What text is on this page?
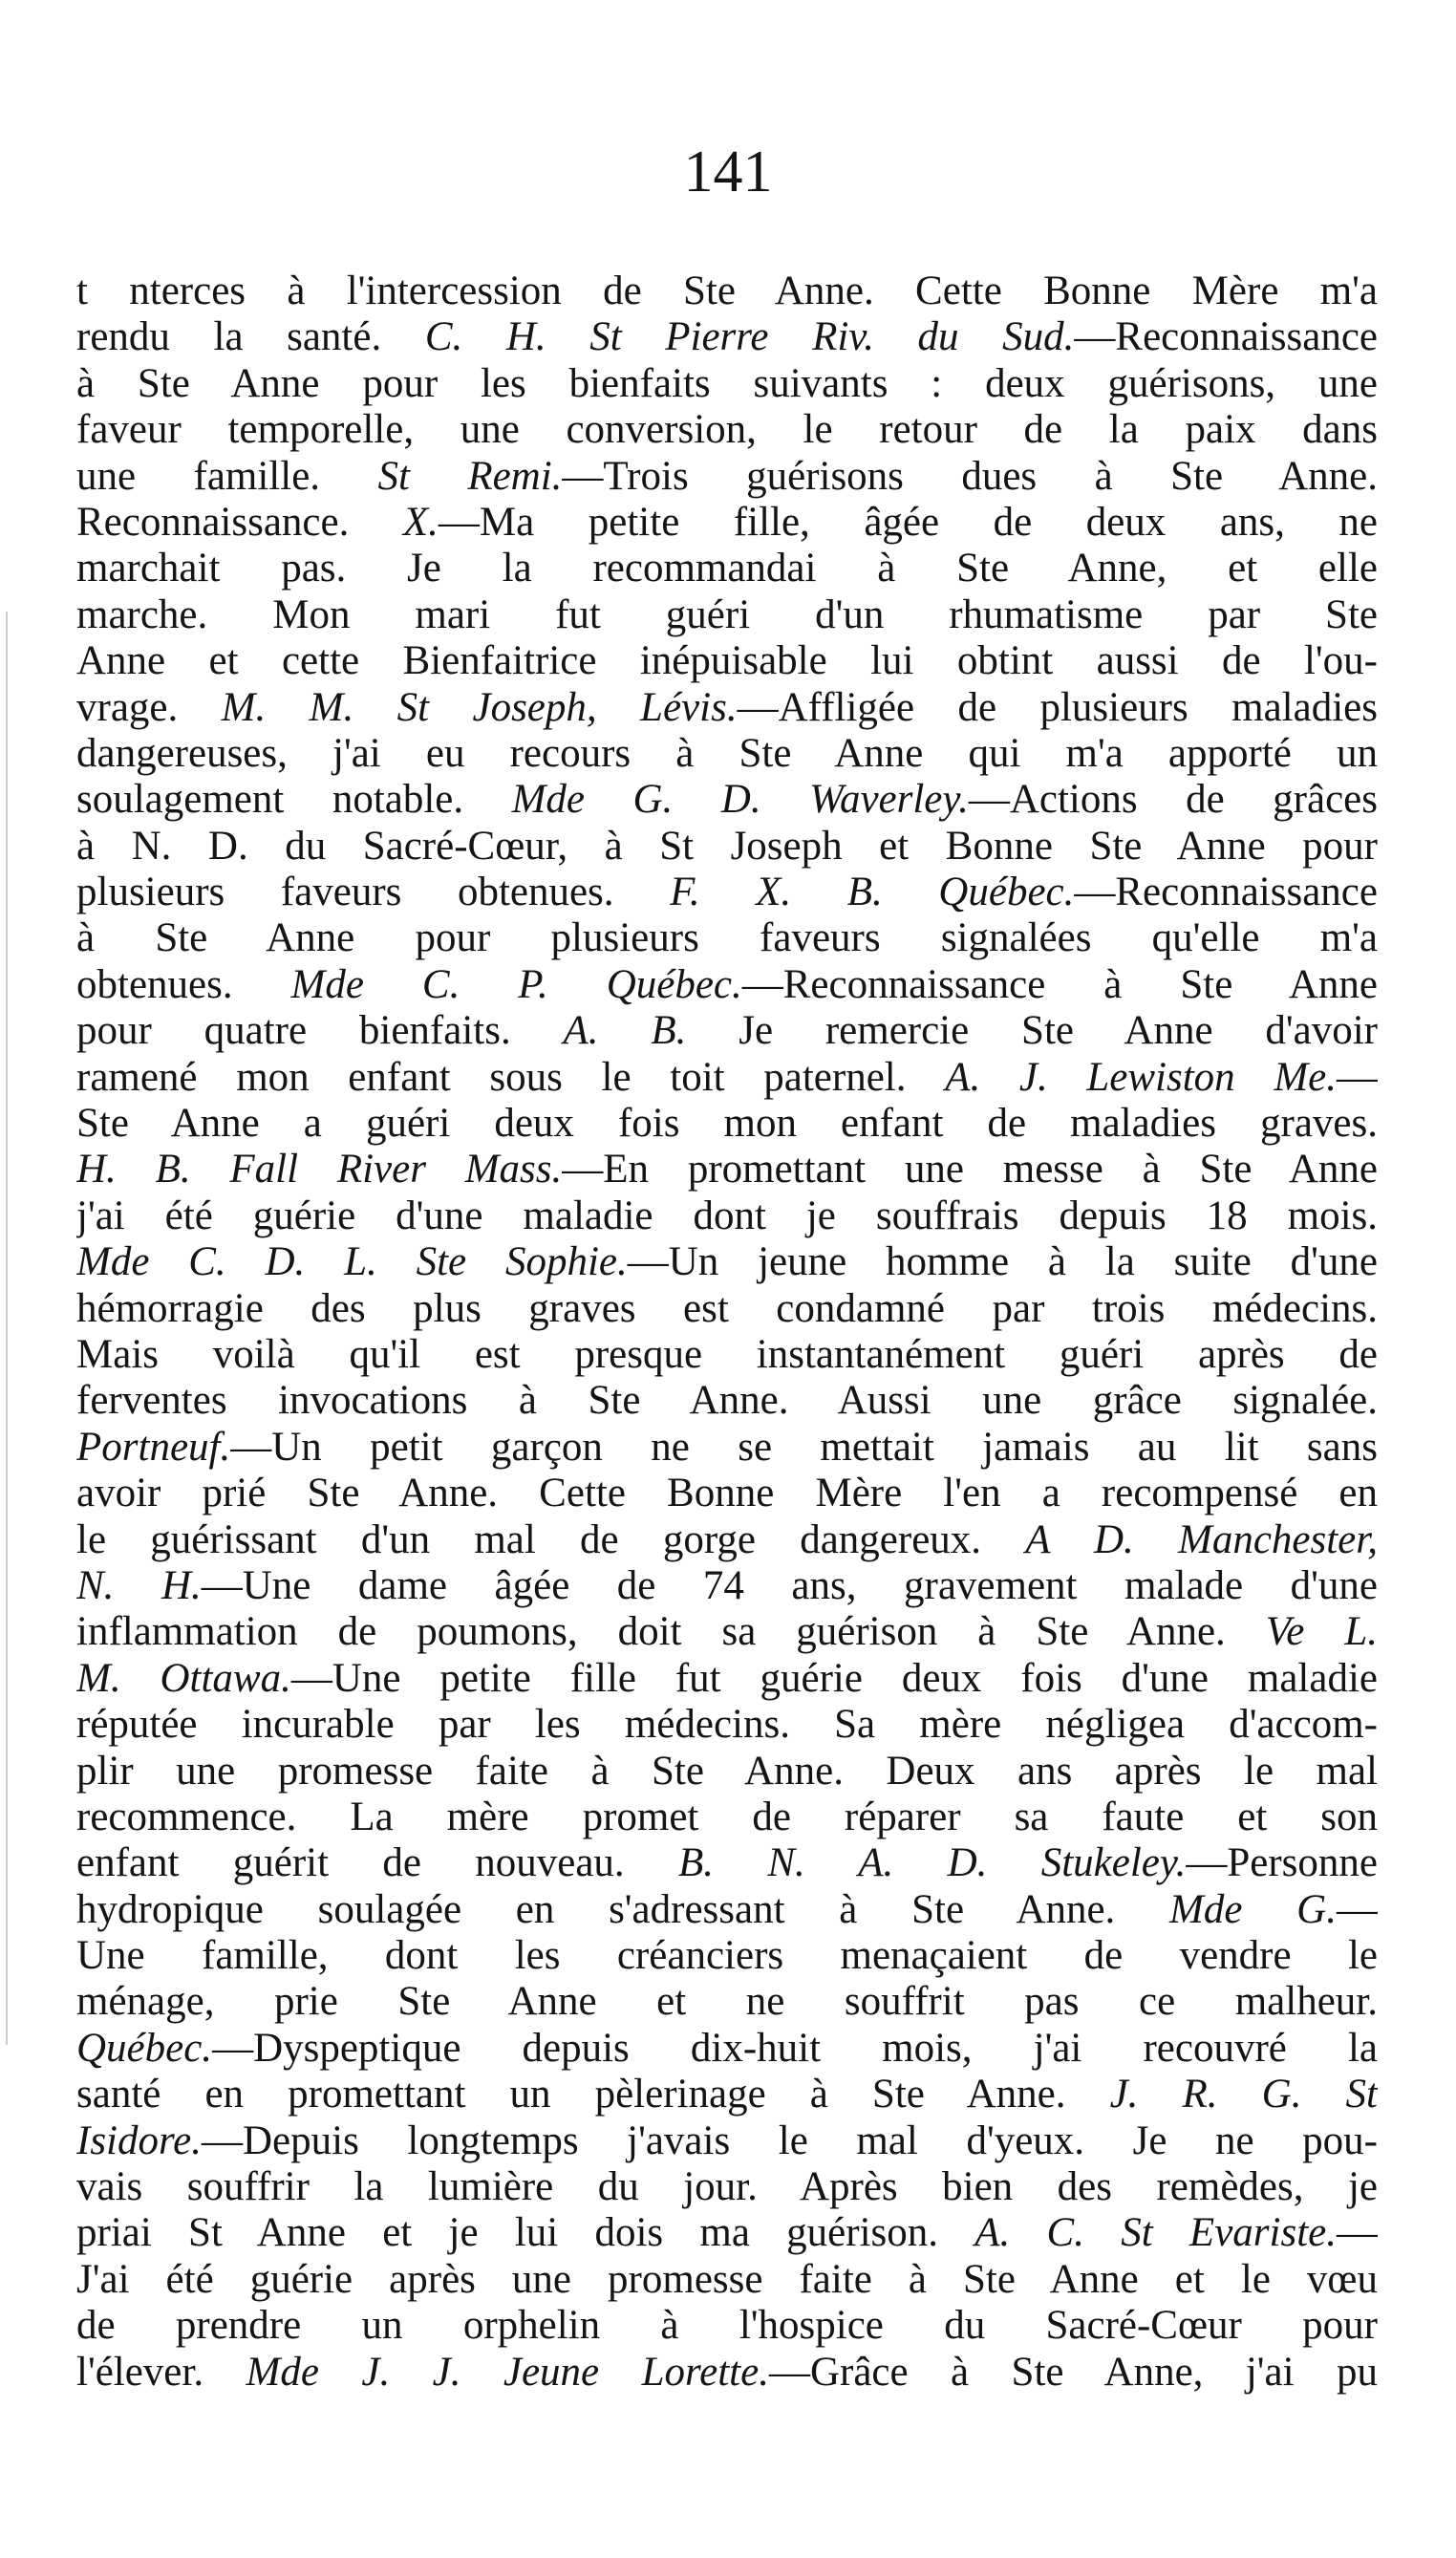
141
t nterces à l'intercession de Ste Anne. Cette Bonne Mère m'a
rendu la santé. C. H. St Pierre Riv. du Sud.—Reconnaissance
à Ste Anne pour les bienfaits suivants : deux guérisons, une
faveur temporelle, une conversion, le retour de la paix dans
une famille. St Remi.—Trois guérisons dues à Ste Anne.
Reconnaissance. X.—Ma petite fille, âgée de deux ans, ne
marchait pas. Je la recommandai à Ste Anne, et elle
marche. Mon mari fut guéri d'un rhumatisme par Ste
Anne et cette Bienfaitrice inépuisable lui obtint aussi de l'ou-
vrage. M. M. St Joseph, Lévis.—Affligée de plusieurs maladies
dangereuses, j'ai eu recours à Ste Anne qui m'a apporté un
soulagement notable. Mde G. D. Waverley.—Actions de grâces
à N. D. du Sacré-Cœur, à St Joseph et Bonne Ste Anne pour
plusieurs faveurs obtenues. F. X. B. Québec.—Reconnaissance
à Ste Anne pour plusieurs faveurs signalées qu'elle m'a
obtenues. Mde C. P. Québec.—Reconnaissance à Ste Anne
pour quatre bienfaits. A. B. Je remercie Ste Anne d'avoir
ramené mon enfant sous le toit paternel. A. J. Lewiston Me.—
Ste Anne a guéri deux fois mon enfant de maladies graves.
H. B. Fall River Mass.—En promettant une messe à Ste Anne
j'ai été guérie d'une maladie dont je souffrais depuis 18 mois.
Mde C. D. L. Ste Sophie.—Un jeune homme à la suite d'une
hémorragie des plus graves est condamné par trois médecins.
Mais voilà qu'il est presque instantanément guéri après de
ferventes invocations à Ste Anne. Aussi une grâce signalée.
Portneuf.—Un petit garçon ne se mettait jamais au lit sans
avoir prié Ste Anne. Cette Bonne Mère l'en a recompensé en
le guérissant d'un mal de gorge dangereux. A D. Manchester,
N. H.—Une dame âgée de 74 ans, gravement malade d'une
inflammation de poumons, doit sa guérison à Ste Anne. Ve L.
M. Ottawa.—Une petite fille fut guérie deux fois d'une maladie
réputée incurable par les médecins. Sa mère négligea d'accom-
plir une promesse faite à Ste Anne. Deux ans après le mal
recommence. La mère promet de réparer sa faute et son
enfant guérit de nouveau. B. N. A. D. Stukeley.—Personne
hydropique soulagée en s'adressant à Ste Anne. Mde G.—
Une famille, dont les créanciers menaçaient de vendre le
ménage, prie Ste Anne et ne souffrit pas ce malheur.
Québec.—Dyspeptique depuis dix-huit mois, j'ai recouvré la
santé en promettant un pèlerinage à Ste Anne. J. R. G. St
Isidore.—Depuis longtemps j'avais le mal d'yeux. Je ne pou-
vais souffrir la lumière du jour. Après bien des remèdes, je
priai St Anne et je lui dois ma guérison. A. C. St Evariste.—
J'ai été guérie après une promesse faite à Ste Anne et le vœu
de prendre un orphelin à l'hospice du Sacré-Cœur pour
l'élever. Mde J. J. Jeune Lorette.—Grâce à Ste Anne, j'ai pu
